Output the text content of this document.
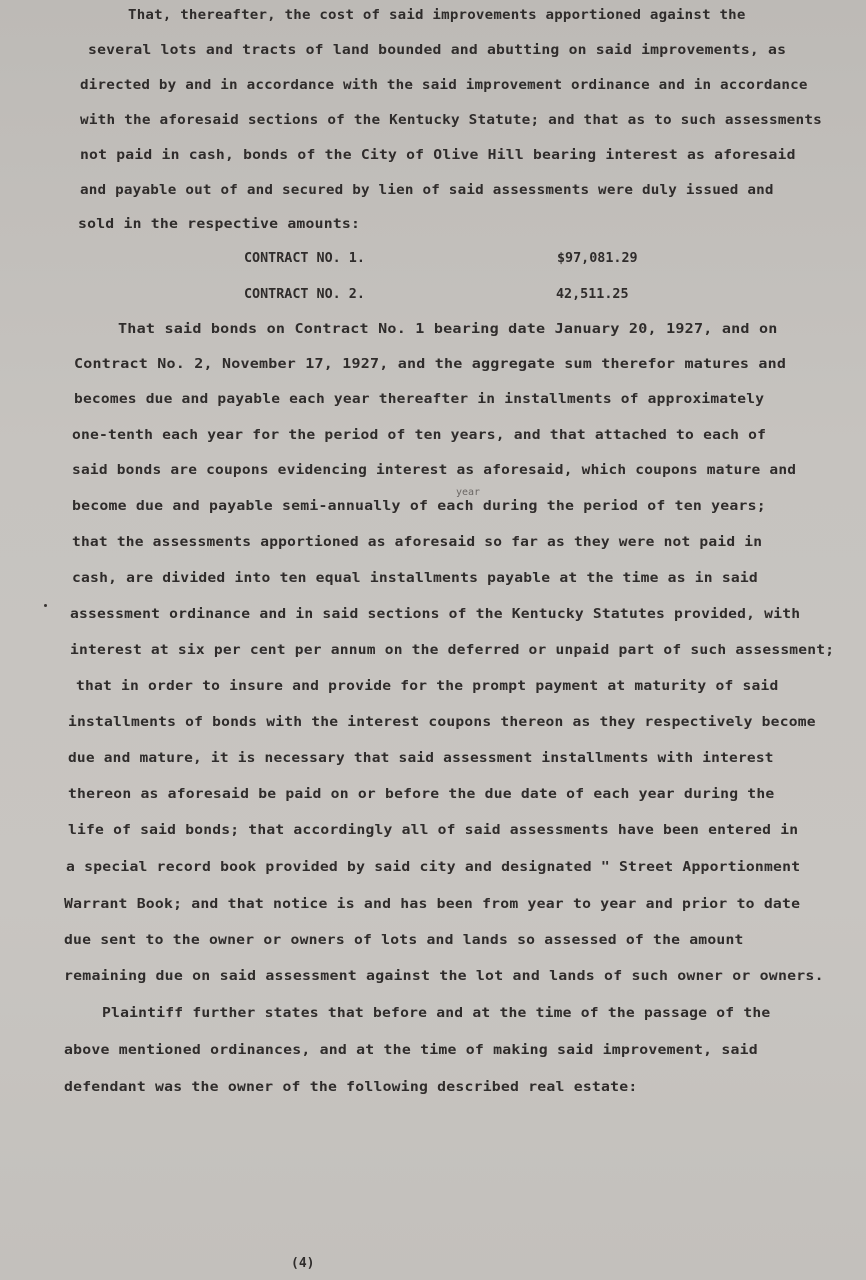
That, thereafter, the cost of said improvements apportioned against the
several lots and tracts of land bounded and abutting on said improvements, as
directed by and in accordance with the said improvement ordinance and in accordance
with the aforesaid sections of the Kentucky Statute; and that as to such assessments
not paid in cash, bonds of the City of Olive Hill bearing interest as aforesaid
and payable out of and secured by lien of said assessments were duly issued and
sold in the respective amounts:
CONTRACT NO. 1.	$97,081.29
CONTRACT NO. 2.	42,511.25
That said bonds on Contract No. 1 bearing date January 20, 1927, and on
Contract No. 2, November 17, 1927, and the aggregate sum therefor matures and
becomes due and payable each year thereafter in installments of approximately
one-tenth each year for the period of ten years, and that attached to each of
said bonds are coupons evidencing interest as aforesaid, which coupons mature and
year
become due and payable semi-annually of each during the period of ten years;
that the assessments apportioned as aforesaid so far as they were not paid in
cash, are divided into ten equal installments payable at the time as in said
assessment ordinance and in said sections of the Kentucky Statutes provided, with
interest at six per cent per annum on the deferred or unpaid part of such assessment;
that in order to insure and provide for the prompt payment at maturity of said
installments of bonds with the interest coupons thereon as they respectively become
due and mature, it is necessary that said assessment installments with interest
thereon as aforesaid be paid on or before the due date of each year during the
life of said bonds; that accordingly all of said assessments have been entered in
a special record book provided by said city and designated " Street Apportionment
Warrant Book; and that notice is and has been from year to year and prior to date
due sent to the owner or owners of lots and lands so assessed of the amount
remaining due on said assessment against the lot and lands of such owner or owners.
Plaintiff further states that before and at the time of the passage of the
above mentioned ordinances, and at the time of making said improvement, said
defendant was the owner of the following described real estate:
(4)
